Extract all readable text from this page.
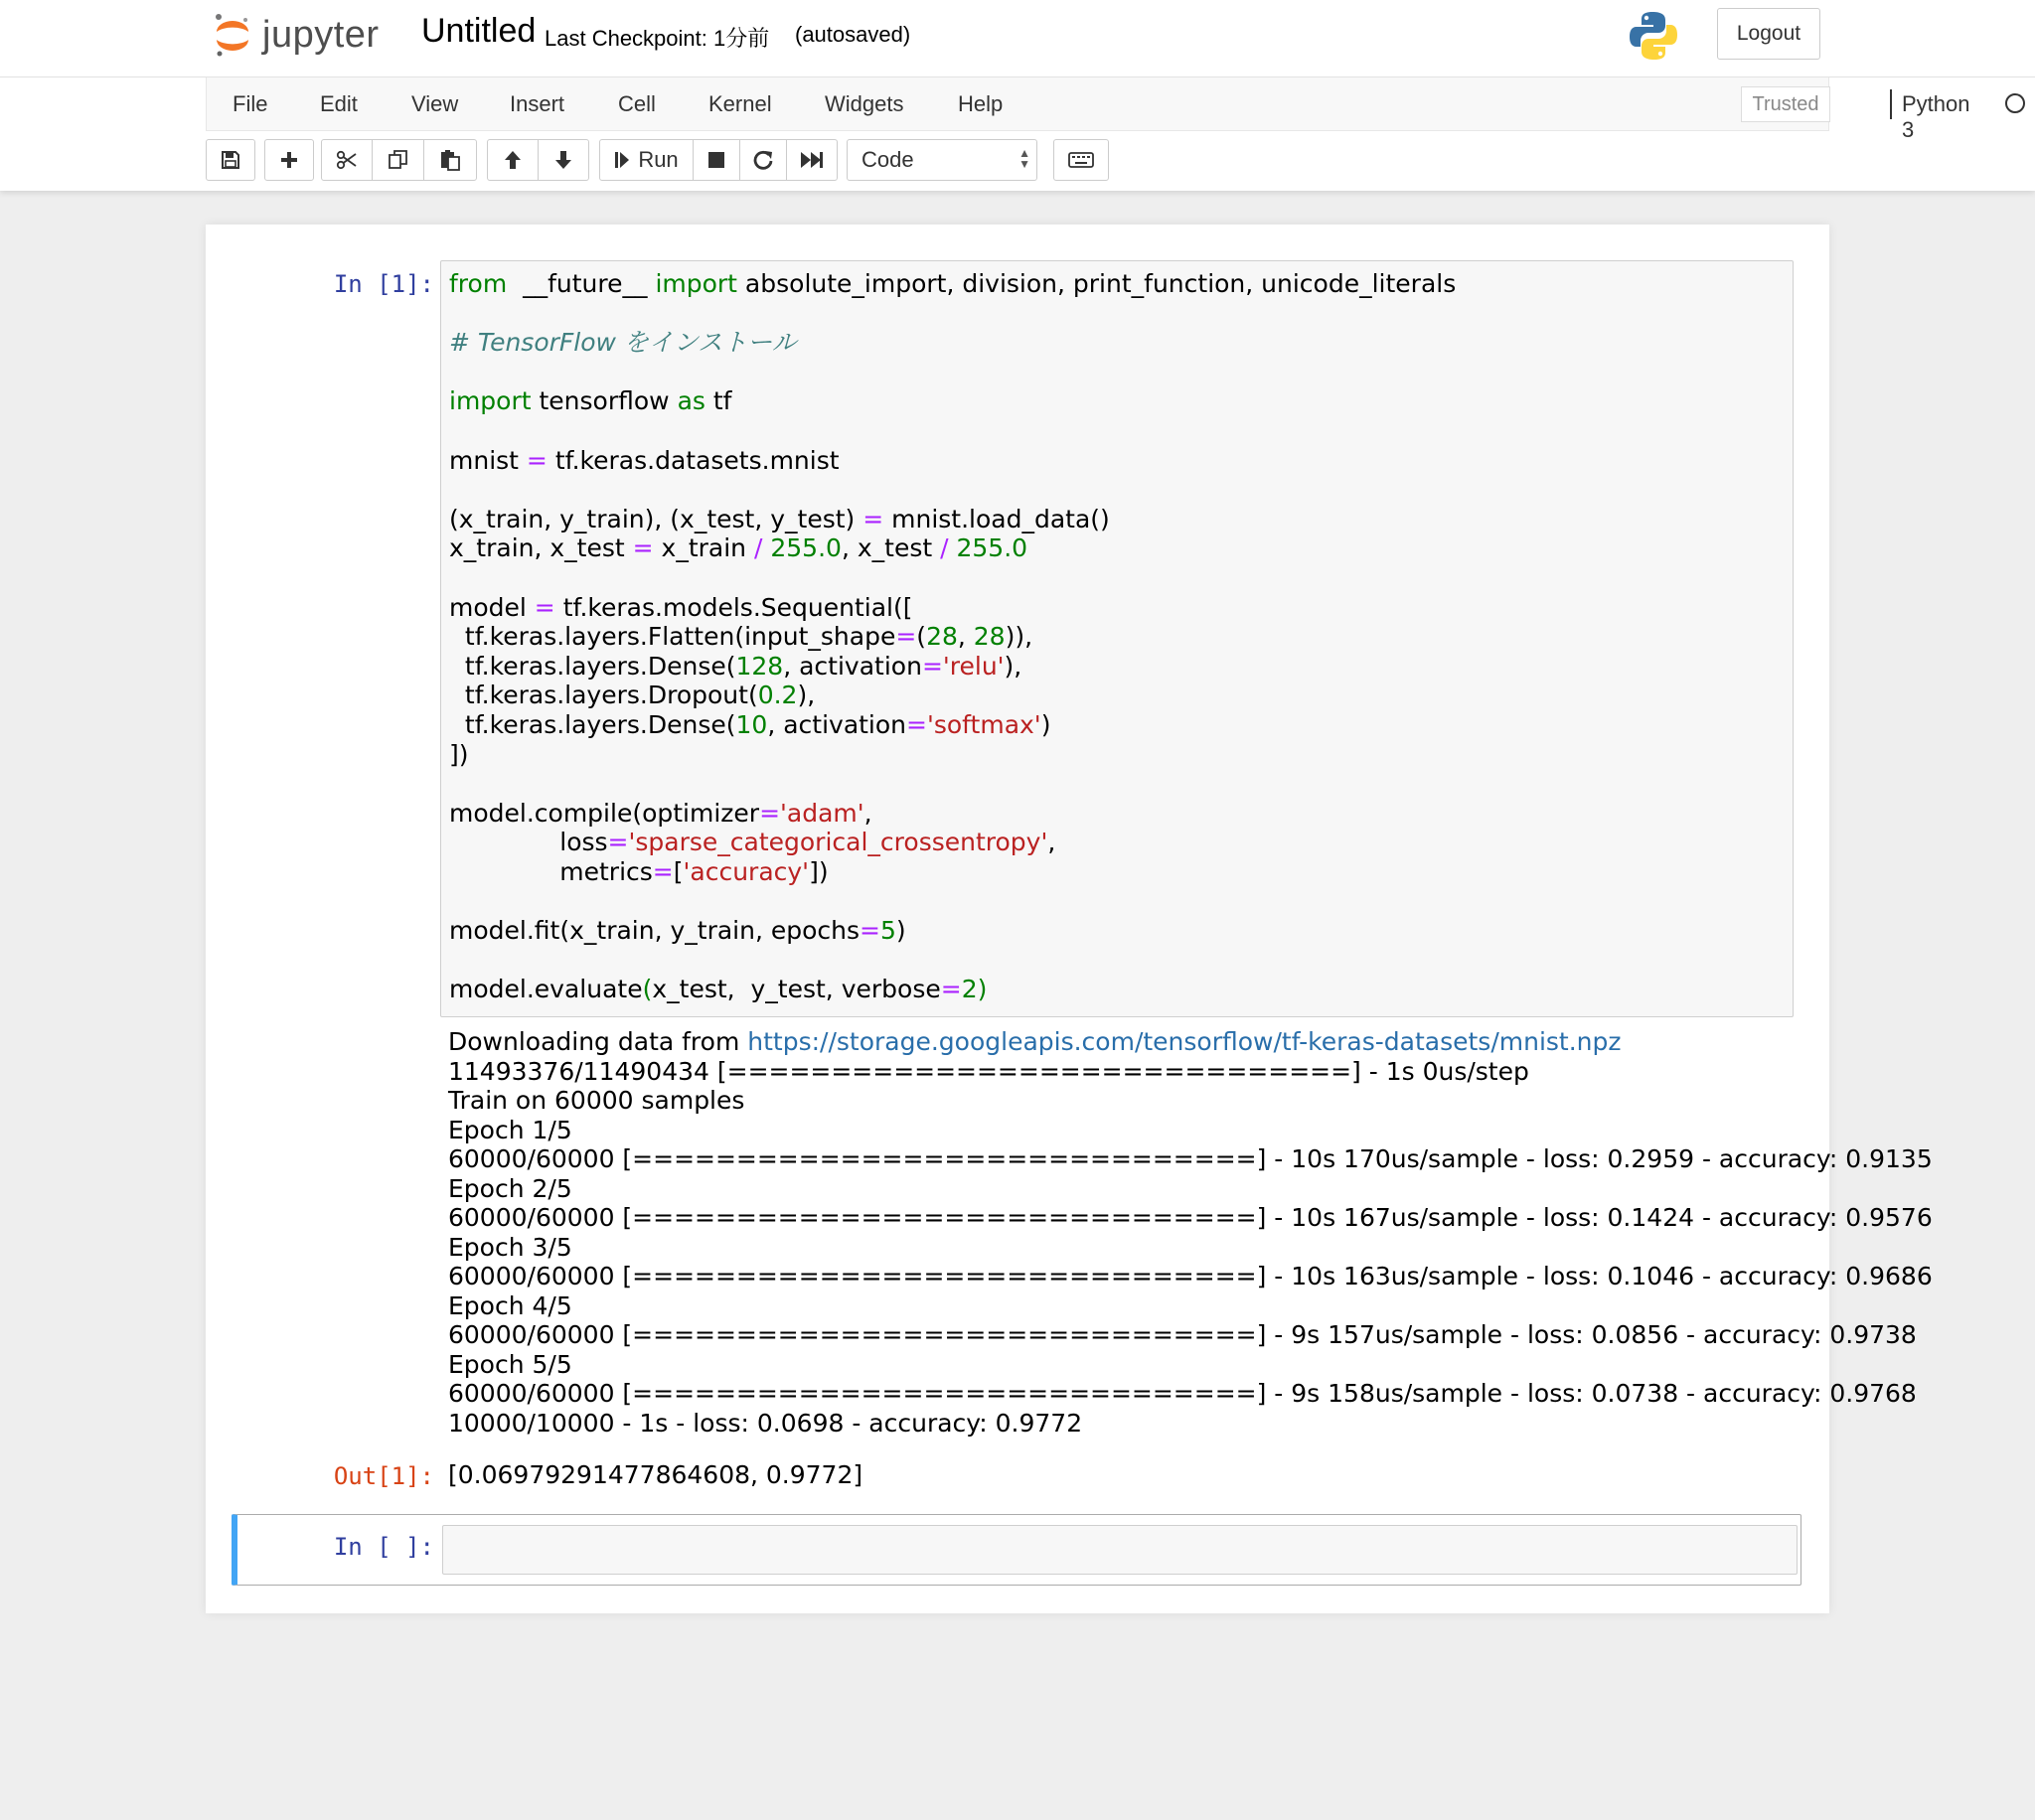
jupyter Untitled Last Checkpoint: 1分前 (autosaved)	Logout
File Edit View Insert Cell Kernel Widgets Help	Trusted	Python 3
Run	Code	▲
▼
In [1]: from  __future__ import absolute_import, division, print_function, unicode_literals
# TensorFlow をインストール
import tensorflow as tf
mnist = tf.keras.datasets.mnist
(x_train, y_train), (x_test, y_test) = mnist.load_data()
x_train, x_test = x_train / 255.0, x_test / 255.0
model = tf.keras.models.Sequential([
tf.keras.layers.Flatten(input_shape=(28, 28)),
tf.keras.layers.Dense(128, activation='relu'),
tf.keras.layers.Dropout(0.2),
tf.keras.layers.Dense(10, activation='softmax')
])
model.compile(optimizer='adam',
loss='sparse_categorical_crossentropy',
metrics=['accuracy'])
model.fit(x_train, y_train, epochs=5)
model.evaluate(x_test,  y_test, verbose=2)
Downloading data from https://storage.googleapis.com/tensorflow/tf-keras-datasets/mnist.npz
11493376/11490434 [==============================] - 1s 0us/step
Train on 60000 samples
Epoch 1/5
60000/60000 [==============================] - 10s 170us/sample - loss: 0.2959 - accuracy: 0.9135
Epoch 2/5
60000/60000 [==============================] - 10s 167us/sample - loss: 0.1424 - accuracy: 0.9576
Epoch 3/5
60000/60000 [==============================] - 10s 163us/sample - loss: 0.1046 - accuracy: 0.9686
Epoch 4/5
60000/60000 [==============================] - 9s 157us/sample - loss: 0.0856 - accuracy: 0.9738
Epoch 5/5
60000/60000 [==============================] - 9s 158us/sample - loss: 0.0738 - accuracy: 0.9768
10000/10000 - 1s - loss: 0.0698 - accuracy: 0.9772
Out[1]: [0.06979291477864608, 0.9772]
In [ ]:
